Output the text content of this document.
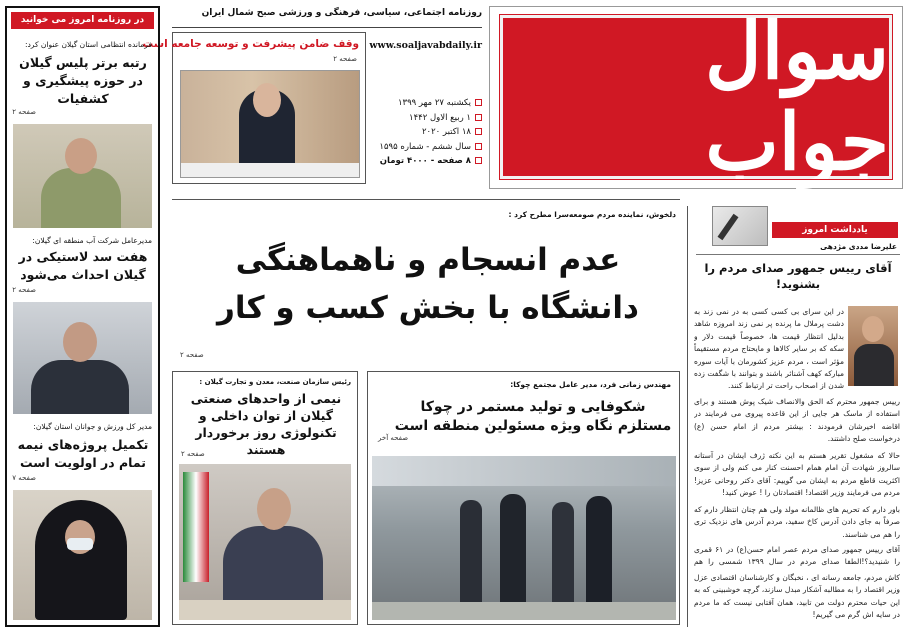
سوال جواب
روزنامه اجتماعی، سیاسی، فرهنگی و ورزشی صبح شمال ایران
وقف ضامن پیشرفت و توسعه جامعه است
صفحه ۲
www.soaljavabdaily.ir
یکشنبه ۲۷ مهر ۱۳۹۹
۱ ربیع الاول ۱۴۴۲
۱۸ اکتبر ۲۰۲۰
سال ششم - شماره ۱۵۹۵
۸ صفحه - ۴۰۰۰ تومان
در روزنامه امروز می خوانید
فرمانده انتظامی استان گیلان عنوان کرد:
رتبه برتر پلیس گیلان در حوزه پیشگیری و کشفیات
صفحه ۲
مدیرعامل شرکت آب منطقه ای گیلان:
هفت سد لاستیکی در گیلان احداث می‌شود
صفحه ۲
مدیر کل ورزش و جوانان استان گیلان:
تکمیل پروژه‌های نیمه تمام در اولویت است
صفحه ۷
دلخوش، نماینده مردم صومعه‌سرا مطرح کرد :
عدم انسجام و ناهماهنگی دانشگاه با بخش کسب و کار
صفحه ۲
رئیس سازمان صنعت، معدن و تجارت گیلان :
نیمی از واحدهای صنعتی گیلان از توان داخلی و تکنولوژی روز برخوردار هستند
صفحه ۲
مهندس زمانی فرد، مدیر عامل مجتمع چوکا:
شکوفایی و تولید مستمر در چوکا مستلزم نگاه ویژه مسئولین منطقه است
صفحه آخر
یادداشت امروز
علیرضا مددی مژدهی
آقای رییس جمهور صدای مردم را بشنوید!
در این سرای بی کسی کسی به در نمی زند به دشت پرملال ما پرنده پر نمی زند امروزه شاهد بدلیل انتظار قیمت ها، خصوصاً قیمت دلار و سکه که بر سایر کالاها و مایحتاج مردم مستقیماً مؤثر است ، مردم عزیز کشورمان با آیات سوره مبارکه کهف آشنائر باشند و بتوانند با شگفت زده شدن از اصحاب راحت تر ارتباط کنند.
رییس جمهور محترم که الحق والانصاف شیک پوش هستند و برای استفاده از ماسک هر جایی از این قاعده پیروی می فرمایند در اقاضه اخیرشان فرمودند : بیشتر مردم از امام حسن (ع) درخواست صلح داشتند.
حالا که مشغول تقریر هستم به این نکته ژرف ایشان در آستانه سالروز شهادت آن امام همام احسنت کنار می کنم ولی از سوی اکثریت قاطع مردم به ایشان می گوییم: آقای دکتر روحانی عزیز! مردم می فرمایند وزیر اقتصاد! اقتصادتان را ! عوض کنید!
باور دارم که تحریم های ظالمانه مولد ولی هم چنان انتظار دارم که صرفاً به جای دادن آدرس کاخ سفید، مردم آدرس های نزدیک تری را هم می شناسند.
آقای رییس جمهور صدای مردم عصر امام حسن(ع) در ۶۱ قمری را شنیدید؟!الطفا صدای مردم در سال ۱۳۹۹ شمسی را هم
کاش مردم، جامعه رسانه ای ، نخبگان و کارشناسان اقتصادی عزل وزیر اقتصاد را به مطالبه آشکار مبدل سازند، گرچه خوشبینی که به این حیات محترم دولت من تابید، همان آفتابی نیست که ما مردم در سایه اش گرم می گیریم!
